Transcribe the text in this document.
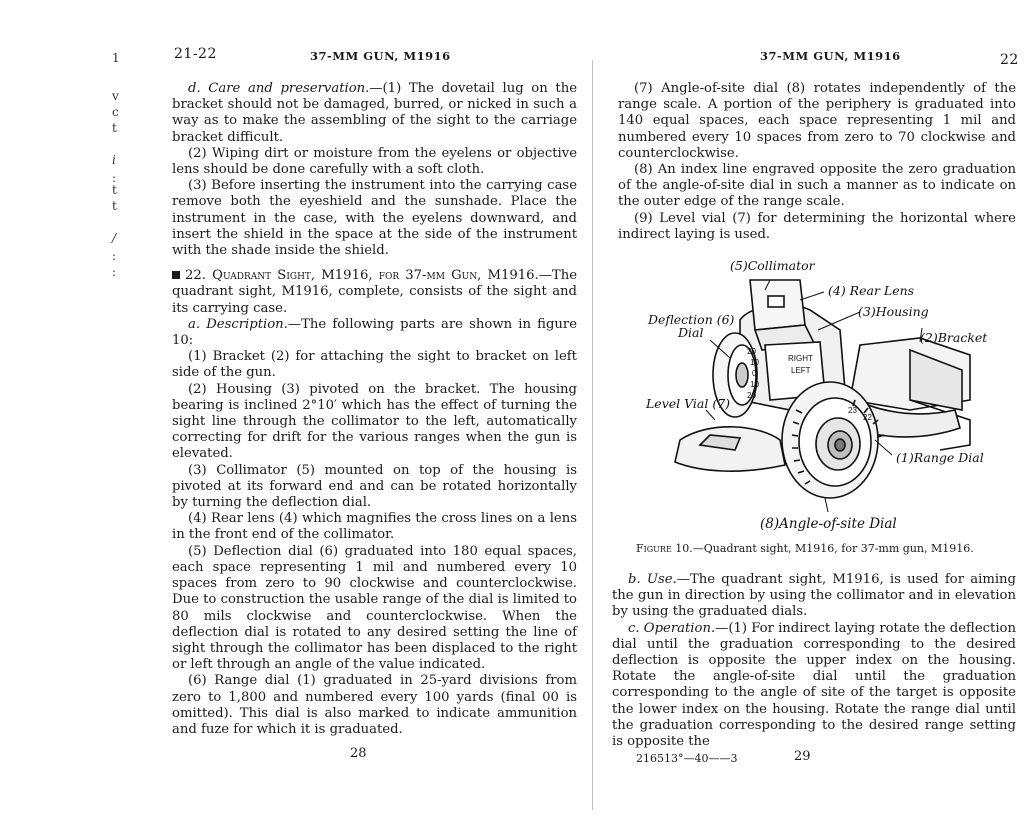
1
v
c
t
i
:
t
t
/
:
:
21-22	37-MM GUN, M1916

d. Care and preservation.—(1) The dovetail lug on the bracket should not be damaged, burred, or nicked in such a way as to make the assembling of the sight to the carriage bracket difficult.

(2) Wiping dirt or moisture from the eyelens or objective lens should be done carefully with a soft cloth.

(3) Before inserting the instrument into the carrying case remove both the eyeshield and the sunshade. Place the instrument in the case, with the eyelens downward, and insert the shield in the space at the side of the instrument with the shade inside the shield.

22. Quadrant Sight, M1916, for 37-mm Gun, M1916.—The quadrant sight, M1916, complete, consists of the sight and its carrying case.

a. Description.—The following parts are shown in figure 10:

(1) Bracket (2) for attaching the sight to bracket on left side of the gun.

(2) Housing (3) pivoted on the bracket. The housing bearing is inclined 2°10′ which has the effect of turning the sight line through the collimator to the left, automatically correcting for drift for the various ranges when the gun is elevated.

(3) Collimator (5) mounted on top of the housing is pivoted at its forward end and can be rotated horizontally by turning the deflection dial.

(4) Rear lens (4) which magnifies the cross lines on a lens in the front end of the collimator.

(5) Deflection dial (6) graduated into 180 equal spaces, each space representing 1 mil and numbered every 10 spaces from zero to 90 clockwise and counterclockwise. Due to construction the usable range of the dial is limited to 80 mils clockwise and counterclockwise. When the deflection dial is rotated to any desired setting the line of sight through the collimator has been displaced to the right or left through an angle of the value indicated.

(6) Range dial (1) graduated in 25-yard divisions from zero to 1,800 and numbered every 100 yards (final 00 is omitted). This dial is also marked to indicate ammunition and fuze for which it is graduated.

28
37-MM GUN, M1916	22

(7) Angle-of-site dial (8) rotates independently of the range scale. A portion of the periphery is graduated into 140 equal spaces, each space representing 1 mil and numbered every 10 spaces from zero to 70 clockwise and counterclockwise.

(8) An index line engraved opposite the zero graduation of the angle-of-site dial in such a manner as to indicate on the outer edge of the range scale.

(9) Level vial (7) for determining the horizontal where indirect laying is used.

RIGHT
LEFT
20
10
0
10
20
23
22
(5)Collimator
(4) Rear Lens
(3)Housing
(2)Bracket
Deflection (6)
Dial
Level Vial (7)
(1)Range Dial
(8)Angle-of-site Dial
Figure 10.—Quadrant sight, M1916, for 37-mm gun, M1916.

b. Use.—The quadrant sight, M1916, is used for aiming the gun in direction by using the collimator and in elevation by using the graduated dials.

c. Operation.—(1) For indirect laying rotate the deflection dial until the graduation corresponding to the desired deflection is opposite the upper index on the housing. Rotate the angle-of-site dial until the graduation corresponding to the angle of site of the target is opposite the lower index on the housing. Rotate the range dial until the graduation corresponding to the desired range setting is opposite the

216513°—40——3	29
